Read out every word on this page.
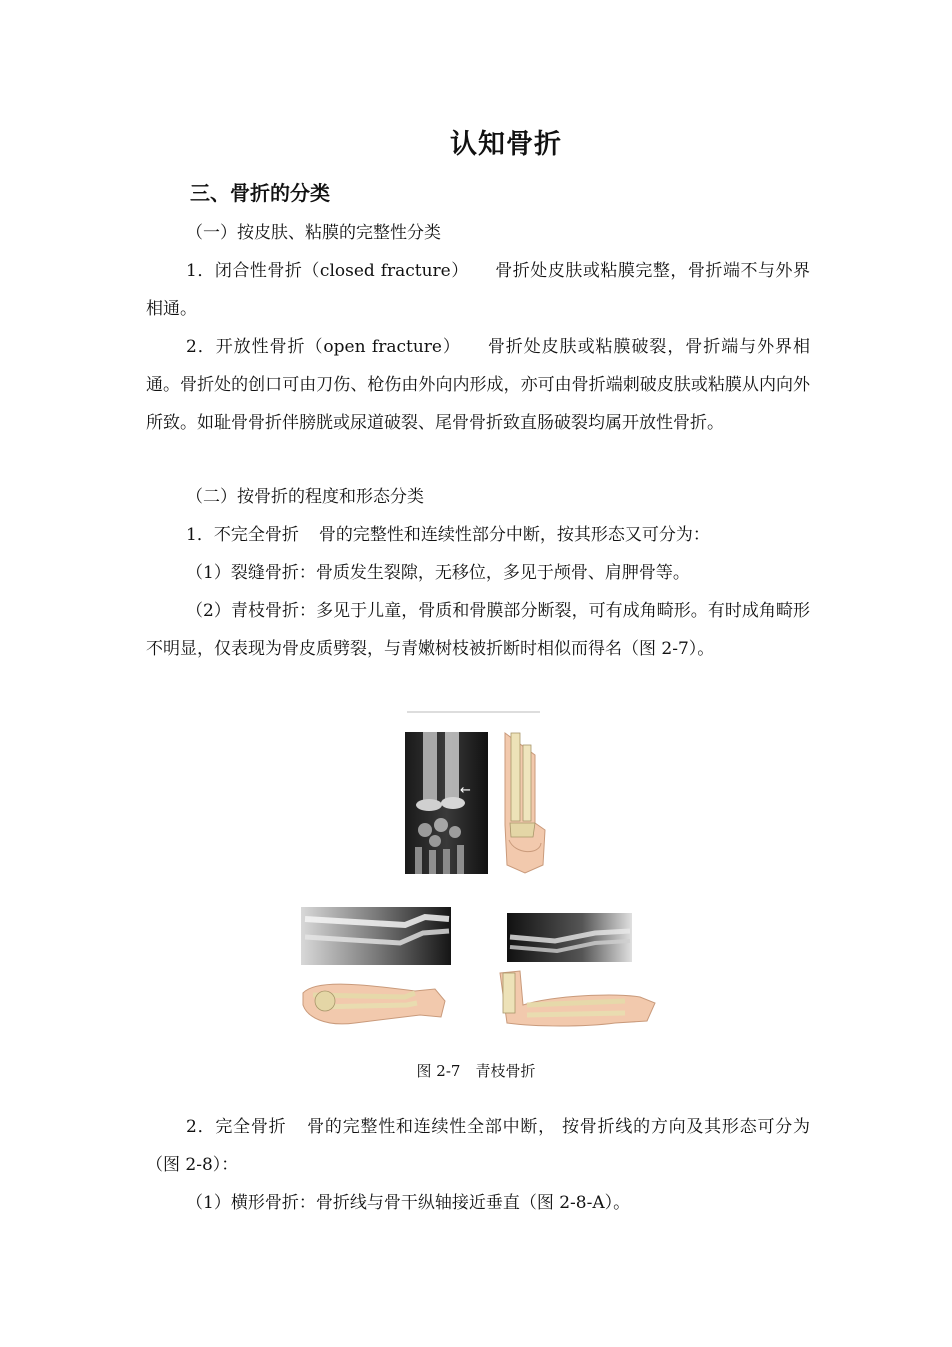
认知骨折
三、骨折的分类
（一）按皮肤、粘膜的完整性分类
1．闭合性骨折（closed fracture） 骨折处皮肤或粘膜完整，骨折端不与外界相通。
2．开放性骨折（open fracture） 骨折处皮肤或粘膜破裂，骨折端与外界相通。骨折处的创口可由刀伤、枪伤由外向内形成，亦可由骨折端刺破皮肤或粘膜从内向外所致。如耻骨骨折伴膀胱或尿道破裂、尾骨骨折致直肠破裂均属开放性骨折。
（二）按骨折的程度和形态分类
1．不完全骨折 骨的完整性和连续性部分中断，按其形态又可分为：
（1）裂缝骨折：骨质发生裂隙，无移位，多见于颅骨、肩胛骨等。
（2）青枝骨折：多见于儿童，骨质和骨膜部分断裂，可有成角畸形。有时成角畸形不明显，仅表现为骨皮质劈裂，与青嫩树枝被折断时相似而得名（图 2-7）。
←
图 2-7　青枝骨折
2．完全骨折 骨的完整性和连续性全部中断， 按骨折线的方向及其形态可分为（图 2-8）：
（1）横形骨折：骨折线与骨干纵轴接近垂直（图 2-8-A）。
